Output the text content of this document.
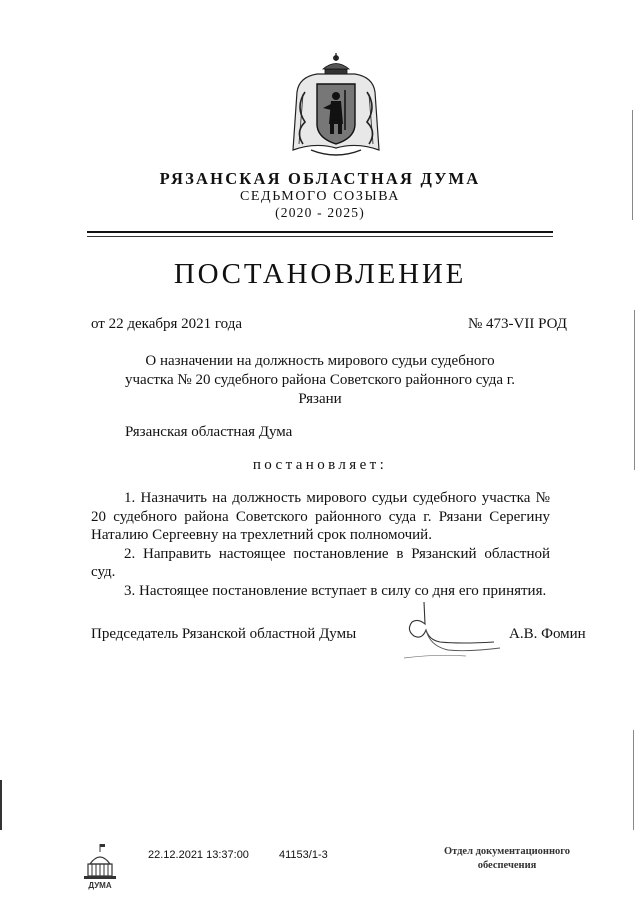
РЯЗАНСКАЯ ОБЛАСТНАЯ ДУМА
СЕДЬМОГО СОЗЫВА
(2020 - 2025)
ПОСТАНОВЛЕНИЕ
от 22 декабря 2021 года	№ 473-VII РОД
О назначении на должность мирового судьи судебного участка № 20 судебного района Советского районного суда г. Рязани
Рязанская областная Дума
постановляет:

1. Назначить на должность мирового судьи судебного участка № 20 судебного района Советского районного суда г. Рязани Серегину Наталию Сергеевну на трехлетний срок полномочий.

2. Направить настоящее постановление в Рязанский областной суд.

3. Настоящее постановление вступает в силу со дня его принятия.

Председатель Рязанской областной Думы	А.В. Фомин
ДУМА
22.12.2021 13:37:00	41153/1-3	Отдел документационного обеспечения
